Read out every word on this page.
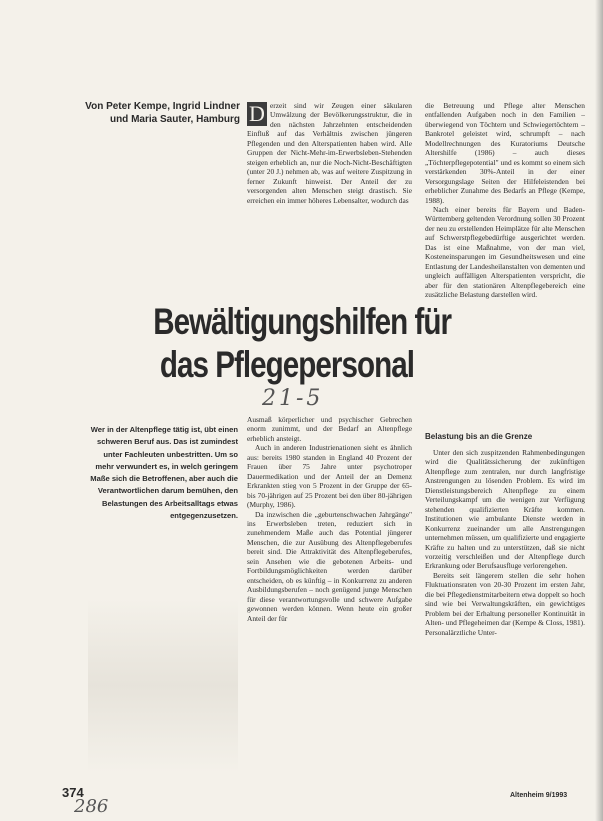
Von Peter Kempe, Ingrid Lindner
und Maria Sauter, Hamburg D erzeit sind wir Zeugen einer säkularen Umwälzung der Bevölkerungsstruktur, die in den nächsten Jahrzehnten entscheidenden Einfluß auf das Verhältnis zwischen jüngeren Pflegenden und den Alterspatienten haben wird. Alle Gruppen der Nicht-Mehr-im-Erwerbsleben-Stehenden steigen erheblich an, nur die Noch-Nicht-Beschäftigten (unter 20 J.) nehmen ab, was auf weitere Zuspitzung in ferner Zukunft hinweist. Der Anteil der zu versorgenden alten Menschen steigt drastisch. Sie erreichen ein immer höheres Lebensalter, wodurch das

die Betreuung und Pflege alter Menschen entfallenden Aufgaben noch in den Familien – überwiegend von Töchtern und Schwiegertöchtern – Bankrotel geleistet wird, schrumpft – nach Modellrechnungen des Kuratoriums Deutsche Altershilfe (1986) – auch dieses „Töchterpflegepotential" und es kommt so einem sich verstärkenden 30%-Anteil in der einer Versorgungslage Seiten der Hilfeleistenden bei erheblicher Zunahme des Bedarfs an Pflege (Kempe, 1988).

Nach einer bereits für Bayern und Baden-Württemberg geltenden Verordnung sollen 30 Prozent der neu zu erstellenden Heimplätze für alte Menschen auf Schwerstpflegebedürftige ausgerichtet werden. Das ist eine Maßnahme, von der man viel, Kosteneinsparungen im Gesundheitswesen und eine Entlastung der Landesheilanstalten von dementen und ungleich auffälligen Alterspatienten verspricht, die aber für den stationären Altenpflegebereich eine zusätzliche Belastung darstellen wird.

Bewältigungshilfen für
das Pflegepersonal
21-5
Wer in der Altenpflege tätig ist, übt einen schweren Beruf aus. Das ist zumindest unter Fachleuten unbestritten. Um so mehr verwundert es, in welch geringem Maße sich die Betroffenen, aber auch die Verantwortlichen darum bemühen, den Belastungen des Arbeitsalltags etwas entgegenzusetzen.

Ausmaß körperlicher und psychischer Gebrechen enorm zunimmt, und der Bedarf an Altenpflege erheblich ansteigt.

Auch in anderen Industrienationen sieht es ähnlich aus: bereits 1980 standen in England 40 Prozent der Frauen über 75 Jahre unter psychotroper Dauermedikation und der Anteil der an Demenz Erkrankten stieg von 5 Prozent in der Gruppe der 65- bis 70-jährigen auf 25 Prozent bei den über 80-jährigen (Murphy, 1986).

Da inzwischen die „geburtenschwachen Jahrgänge" ins Erwerbsleben treten, reduziert sich in zunehmendem Maße auch das Potential jüngerer Menschen, die zur Ausübung des Altenpflegeberufes bereit sind. Die Attraktivität des Altenpflegeberufes, sein Ansehen wie die gebotenen Arbeits- und Fortbildungsmöglichkeiten werden darüber entscheiden, ob es künftig – in Konkurrenz zu anderen Ausbildungsberufen – noch genügend junge Menschen für diese verantwortungsvolle und schwere Aufgabe gewonnen werden können. Wenn heute ein großer Anteil der für

Belastung bis an die Grenze

Unter den sich zuspitzenden Rahmenbedingungen wird die Qualitätssicherung der zukünftigen Altenpflege zum zentralen, nur durch langfristige Anstrengungen zu lösenden Problem. Es wird im Dienstleistungsbereich Altenpflege zu einem Verteilungskampf um die wenigen zur Verfügung stehenden qualifizierten Kräfte kommen. Institutionen wie ambulante Dienste werden in Konkurrenz zueinander um alle Anstrengungen unternehmen müssen, um qualifizierte und engagierte Kräfte zu halten und zu unterstützen, daß sie nicht vorzeitig verschleißen und der Altenpflege durch Erkrankung oder Berufsausfluge verlorengehen.

Bereits seit längerem stellen die sehr hohen Fluktuationsraten von 20-30 Prozent im ersten Jahr, die bei Pflegedienstmitarbeitern etwa doppelt so hoch sind wie bei Verwaltungskräften, ein gewichtiges Problem bei der Erhaltung personeller Kontinuität in Alten- und Pflegeheimen dar (Kempe & Closs, 1981). Personalärztliche Unter-

374
286
Altenheim 9/1993
